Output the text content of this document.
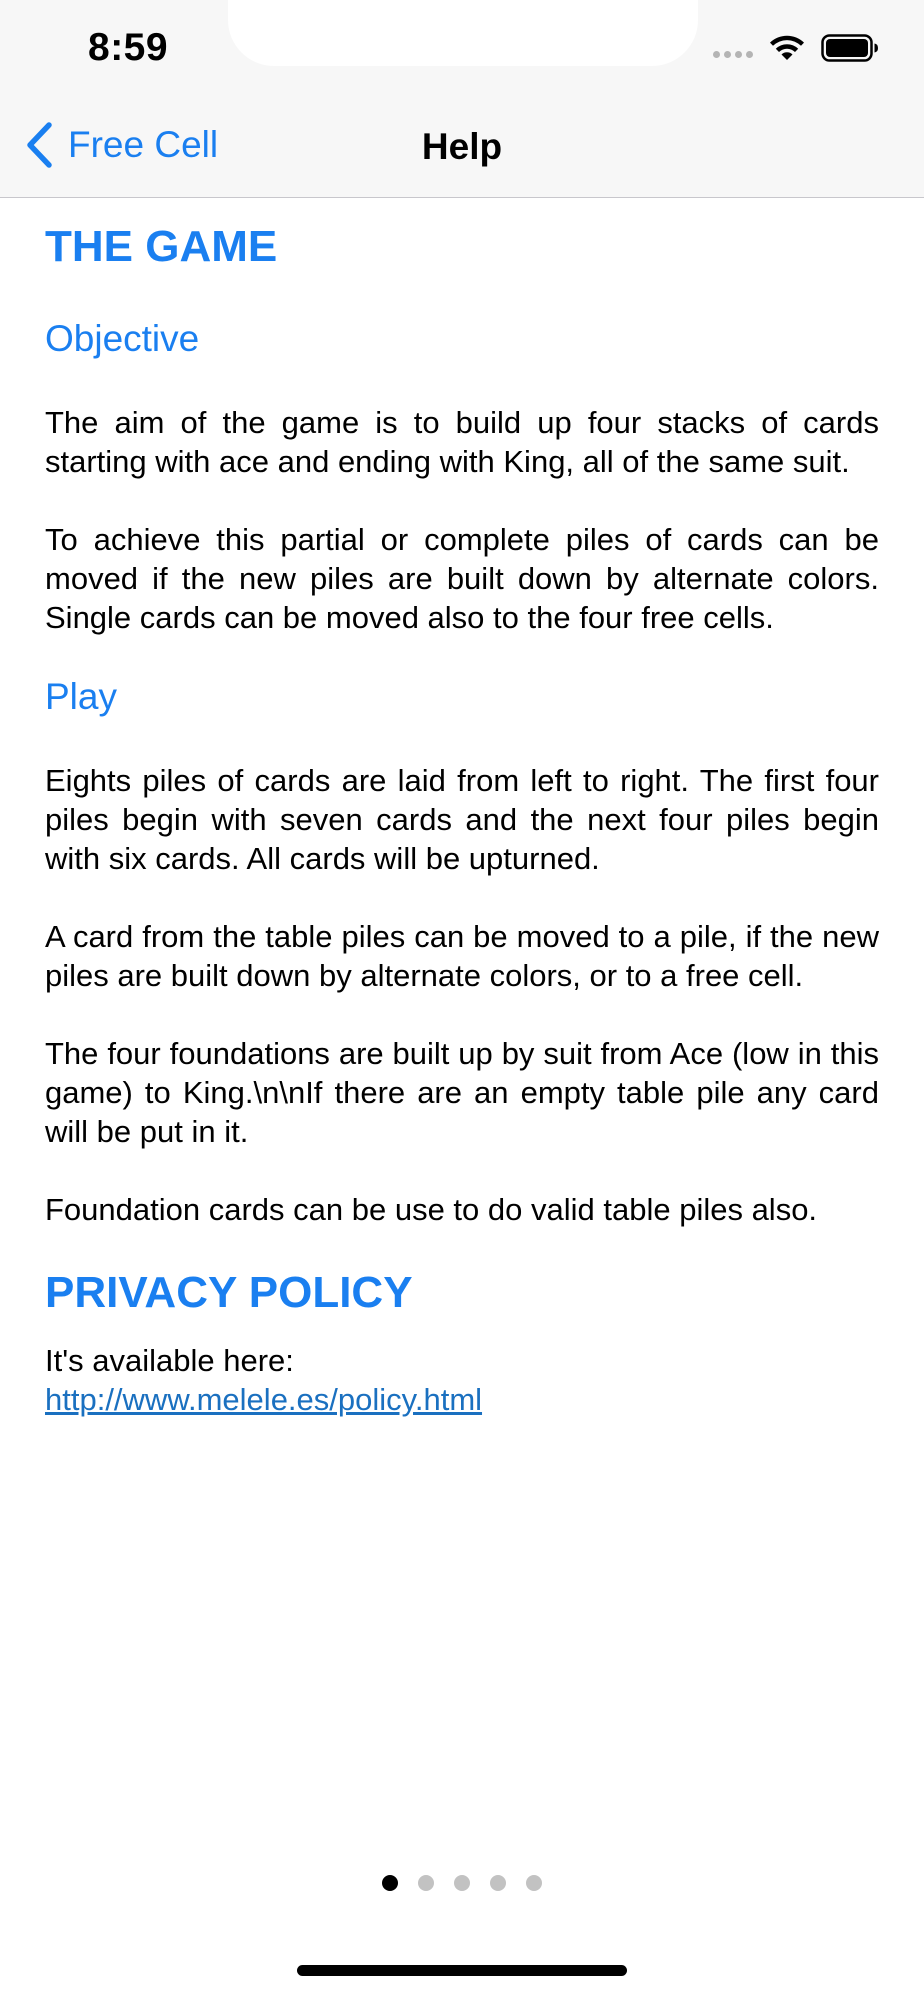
8:59
Free Cell	Help
THE GAME
Objective

The aim of the game is to build up four stacks of cards starting with ace and ending with King, all of the same suit.

To achieve this partial or complete piles of cards can be moved if the new piles are built down by alternate colors. Single cards can be moved also to the four free cells.

Play

Eights piles of cards are laid from left to right. The first four piles begin with seven cards and the next four piles begin with six cards. All cards will be upturned.

A card from the table piles can be moved to a pile, if the new piles are built down by alternate colors, or to a free cell.

The four foundations are built up by suit from Ace (low in this game) to King.\n\nIf there are an empty table pile any card will be put in it.

Foundation cards can be use to do valid table piles also.

PRIVACY POLICY

It's available here:

http://www.melele.es/policy.html
